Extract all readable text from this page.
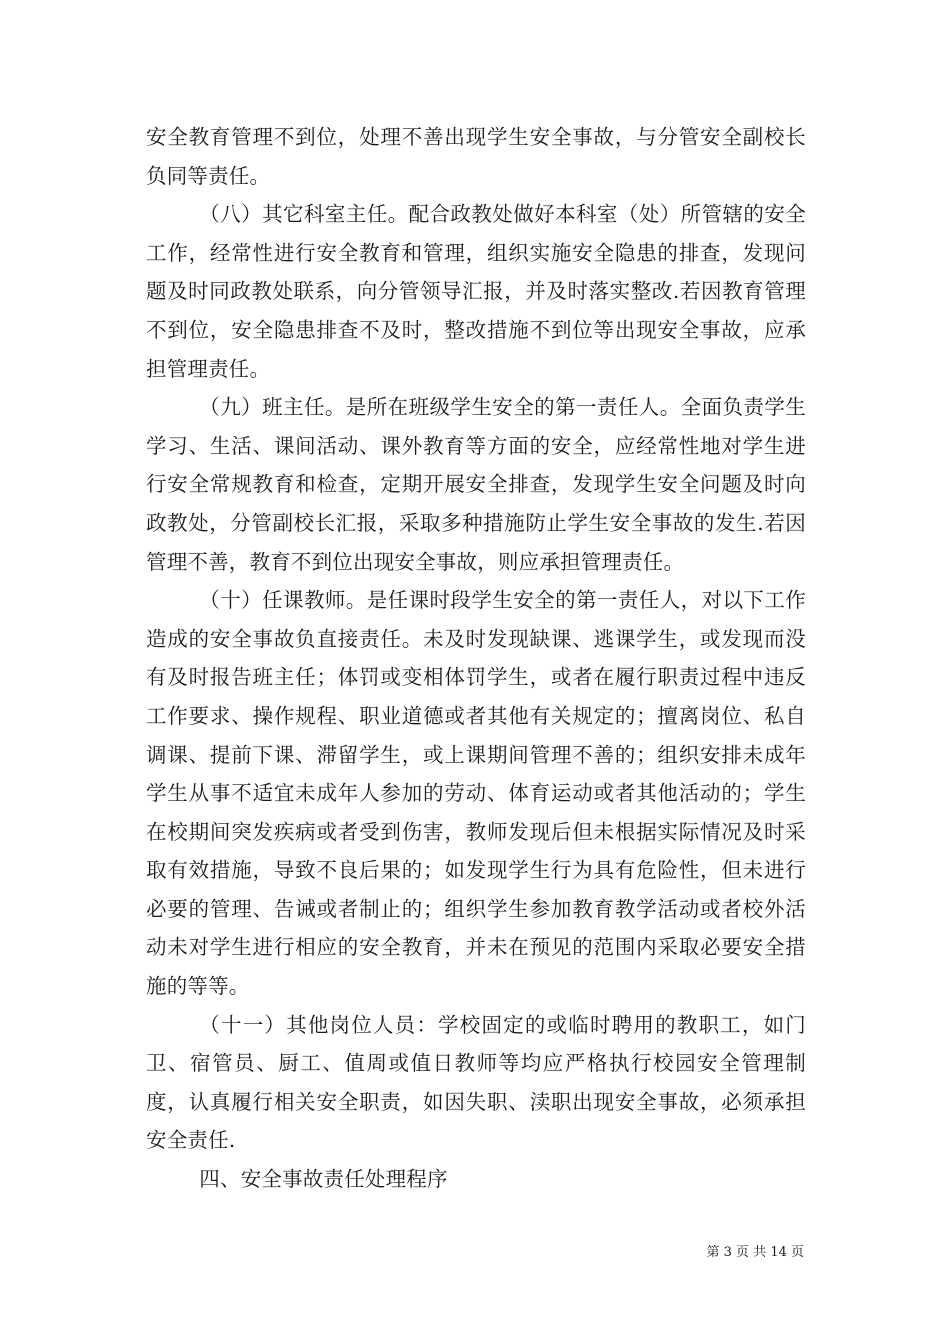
安全教育管理不到位，处理不善出现学生安全事故，与分管安全副校长负同等责任。

（八）其它科室主任。配合政教处做好本科室（处）所管辖的安全工作，经常性进行安全教育和管理，组织实施安全隐患的排查，发现问题及时同政教处联系，向分管领导汇报，并及时落实整改.若因教育管理不到位，安全隐患排查不及时，整改措施不到位等出现安全事故，应承担管理责任。

（九）班主任。是所在班级学生安全的第一责任人。全面负责学生学习、生活、课间活动、课外教育等方面的安全，应经常性地对学生进行安全常规教育和检查，定期开展安全排查，发现学生安全问题及时向政教处，分管副校长汇报，采取多种措施防止学生安全事故的发生.若因管理不善，教育不到位出现安全事故，则应承担管理责任。

（十）任课教师。是任课时段学生安全的第一责任人，对以下工作造成的安全事故负直接责任。未及时发现缺课、逃课学生，或发现而没有及时报告班主任；体罚或变相体罚学生，或者在履行职责过程中违反工作要求、操作规程、职业道德或者其他有关规定的；擅离岗位、私自调课、提前下课、滞留学生，或上课期间管理不善的；组织安排未成年学生从事不适宜未成年人参加的劳动、体育运动或者其他活动的；学生在校期间突发疾病或者受到伤害，教师发现后但未根据实际情况及时采取有效措施，导致不良后果的；如发现学生行为具有危险性，但未进行必要的管理、告诫或者制止的；组织学生参加教育教学活动或者校外活动未对学生进行相应的安全教育，并未在预见的范围内采取必要安全措施的等等。

（十一）其他岗位人员：学校固定的或临时聘用的教职工，如门卫、宿管员、厨工、值周或值日教师等均应严格执行校园安全管理制度，认真履行相关安全职责，如因失职、渎职出现安全事故，必须承担安全责任.

四、安全事故责任处理程序

第 3 页 共 14 页
